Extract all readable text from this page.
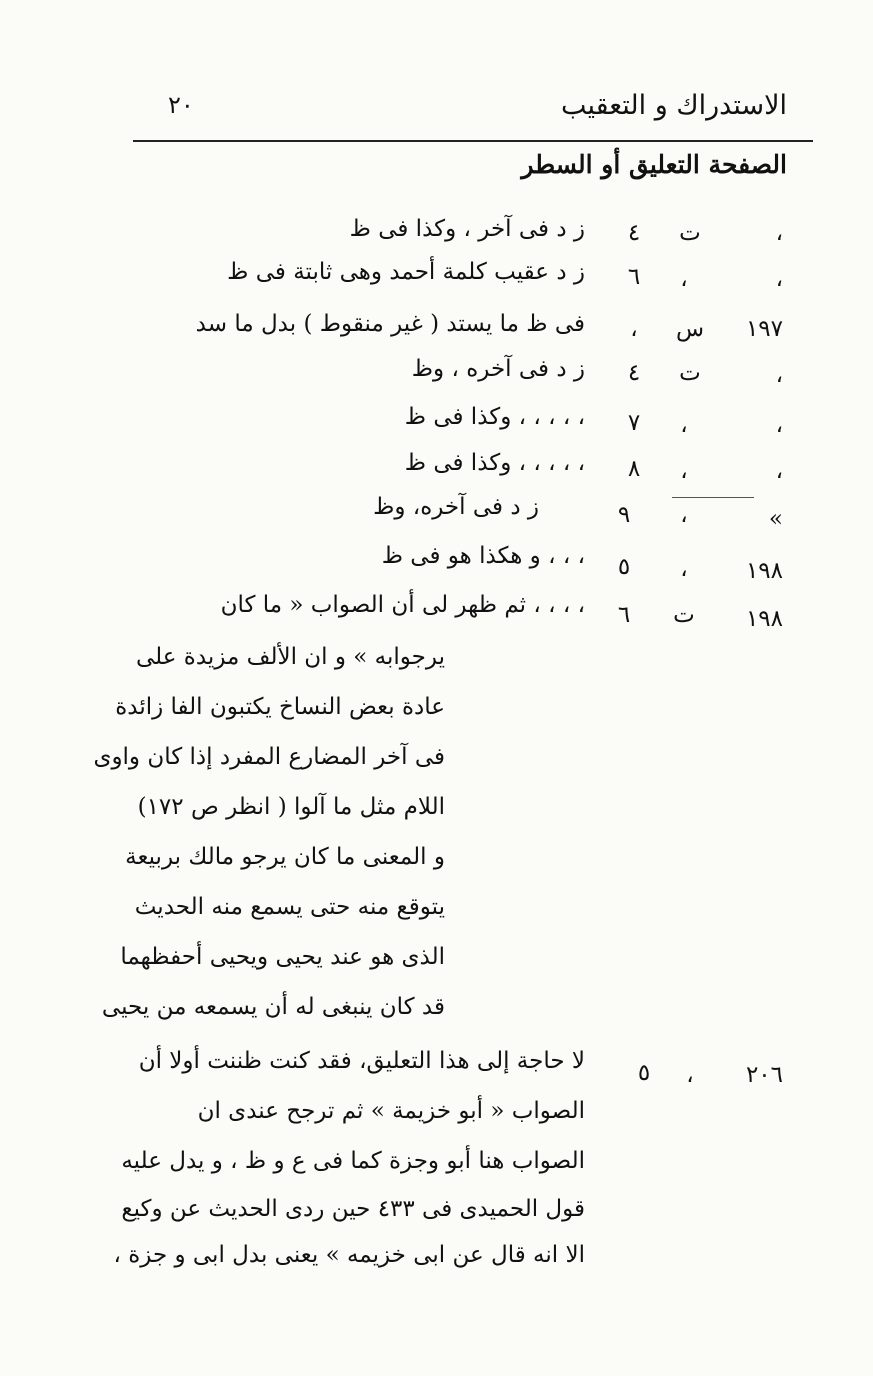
الاستدراك و التعقيب
٢٠
الصفحة التعليق أو السطر
،
ت
٤
ز د فى آخر ، وكذا فى ظ
،
،
٦
ز د عقيب كلمة أحمد وهى ثابتة فى ظ
١٩٧
س
،
فى ظ ما يستد ( غير منقوط ) بدل ما سد
،
ت
٤
ز د فى آخره ، وظ
،
،
٧
، ، ، ، ، وكذا فى ظ
،
،
٨
، ، ، ، ، وكذا فى ظ
«
،
٩
ز د فى آخره، وظ
١٩٨
،
٥
، ، ، و هكذا هو فى ظ
١٩٨
ت
٦
، ، ، ، ثم ظهر لى أن الصواب « ما كان
يرجوابه » و ان الألف مزيدة على
عادة بعض النساخ يكتبون الفا زائدة
فى آخر المضارع المفرد إذا كان واوى
اللام مثل ما آلوا ( انظر ص ١٧٢)
و المعنى ما كان يرجو مالك بربيعة
يتوقع منه حتى يسمع منه الحديث
الذى هو عند يحيى ويحيى أحفظهما
قد كان ينبغى له أن يسمعه من يحيى
٢٠٦
،
٥
لا حاجة إلى هذا التعليق، فقد كنت ظننت أولا أن
الصواب « أبو خزيمة » ثم ترجح عندى ان
الصواب هنا أبو وجزة كما فى ع و ظ ، و يدل عليه
قول الحميدى فى ٤٣٣ حين ردى الحديث عن وكيع
الا انه قال عن ابى خزيمه » يعنى بدل ابى و جزة ،
